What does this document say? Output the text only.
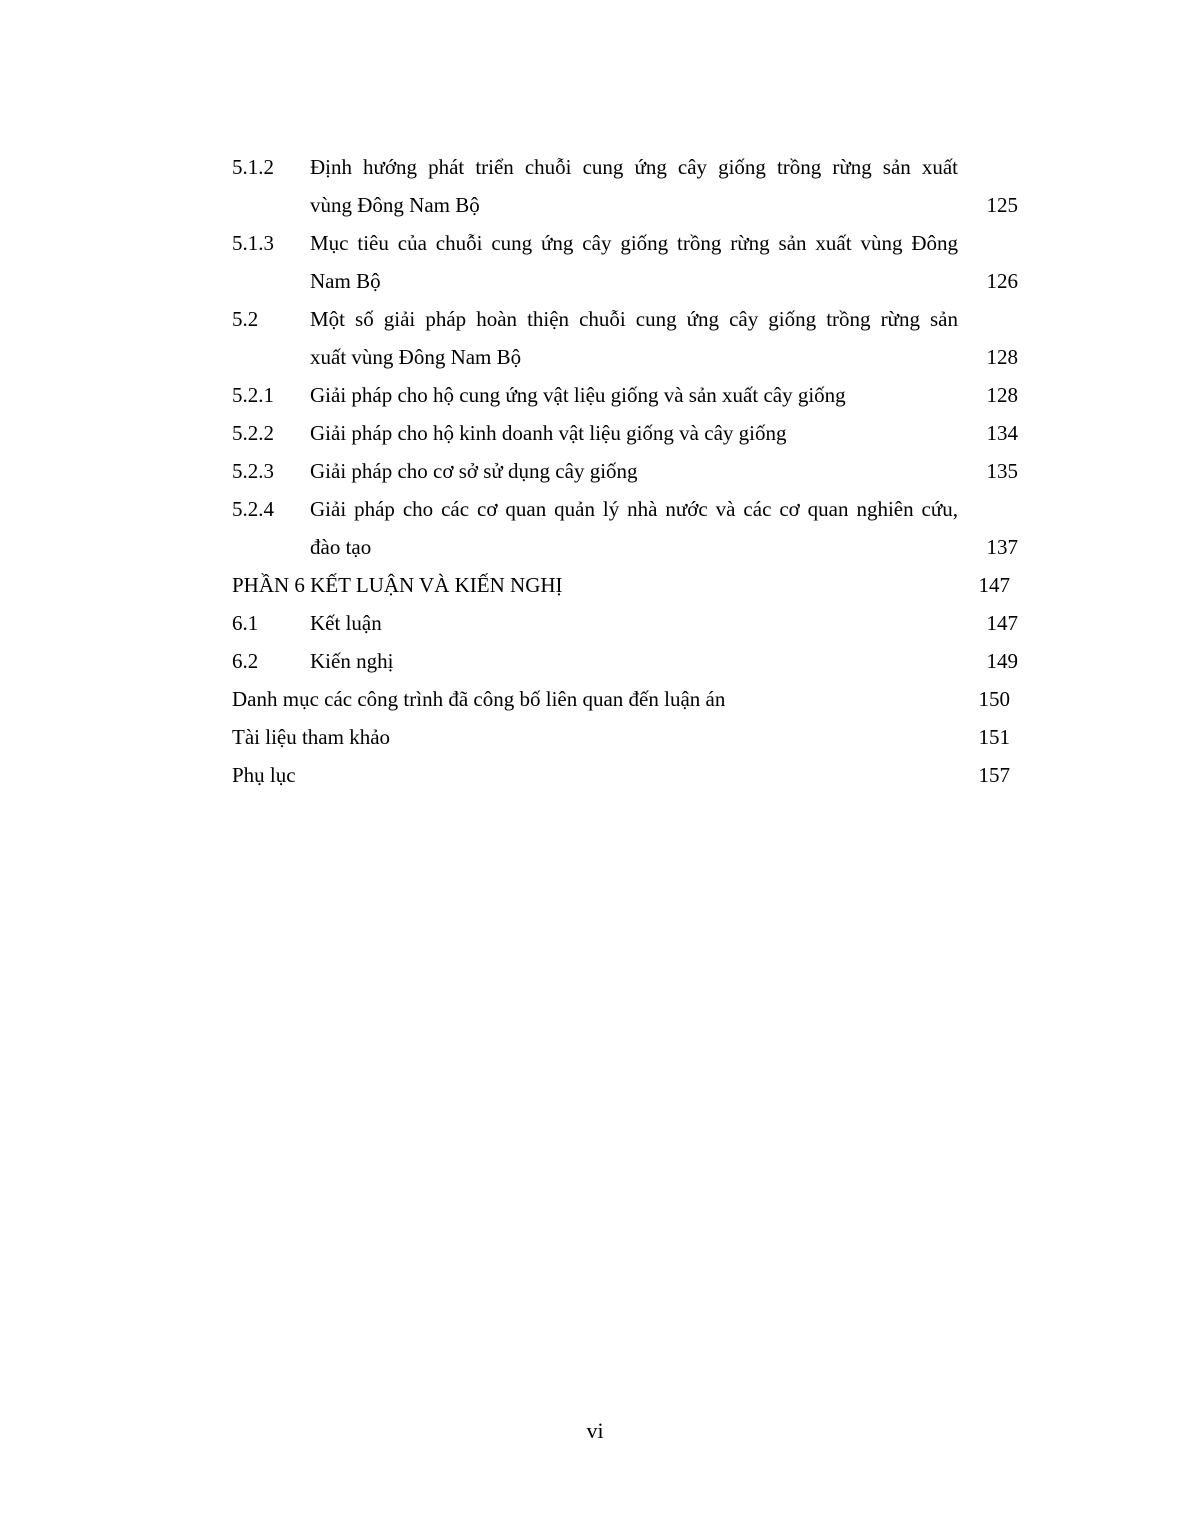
5.1.2	Định hướng phát triển chuỗi cung ứng cây giống trồng rừng sản xuất
vùng Đông Nam Bộ	125
5.1.3	Mục tiêu của chuỗi cung ứng cây giống trồng rừng sản xuất vùng Đông
Nam Bộ	126
5.2	Một số giải pháp hoàn thiện chuỗi cung ứng cây giống trồng rừng sản
xuất vùng Đông Nam Bộ	128
5.2.1	Giải pháp cho hộ cung ứng vật liệu giống và sản xuất cây giống	128
5.2.2	Giải pháp cho hộ kinh doanh vật liệu giống và cây giống	134
5.2.3	Giải pháp cho cơ sở sử dụng cây giống	135
5.2.4	Giải pháp cho các cơ quan quản lý nhà nước và các cơ quan nghiên cứu,
đào tạo	137
PHẦN 6 KẾT LUẬN VÀ KIẾN NGHỊ	147
6.1	Kết luận	147
6.2	Kiến nghị	149
Danh mục các công trình đã công bố liên quan đến luận án	150
Tài liệu tham khảo	151
Phụ lục	157
vi
